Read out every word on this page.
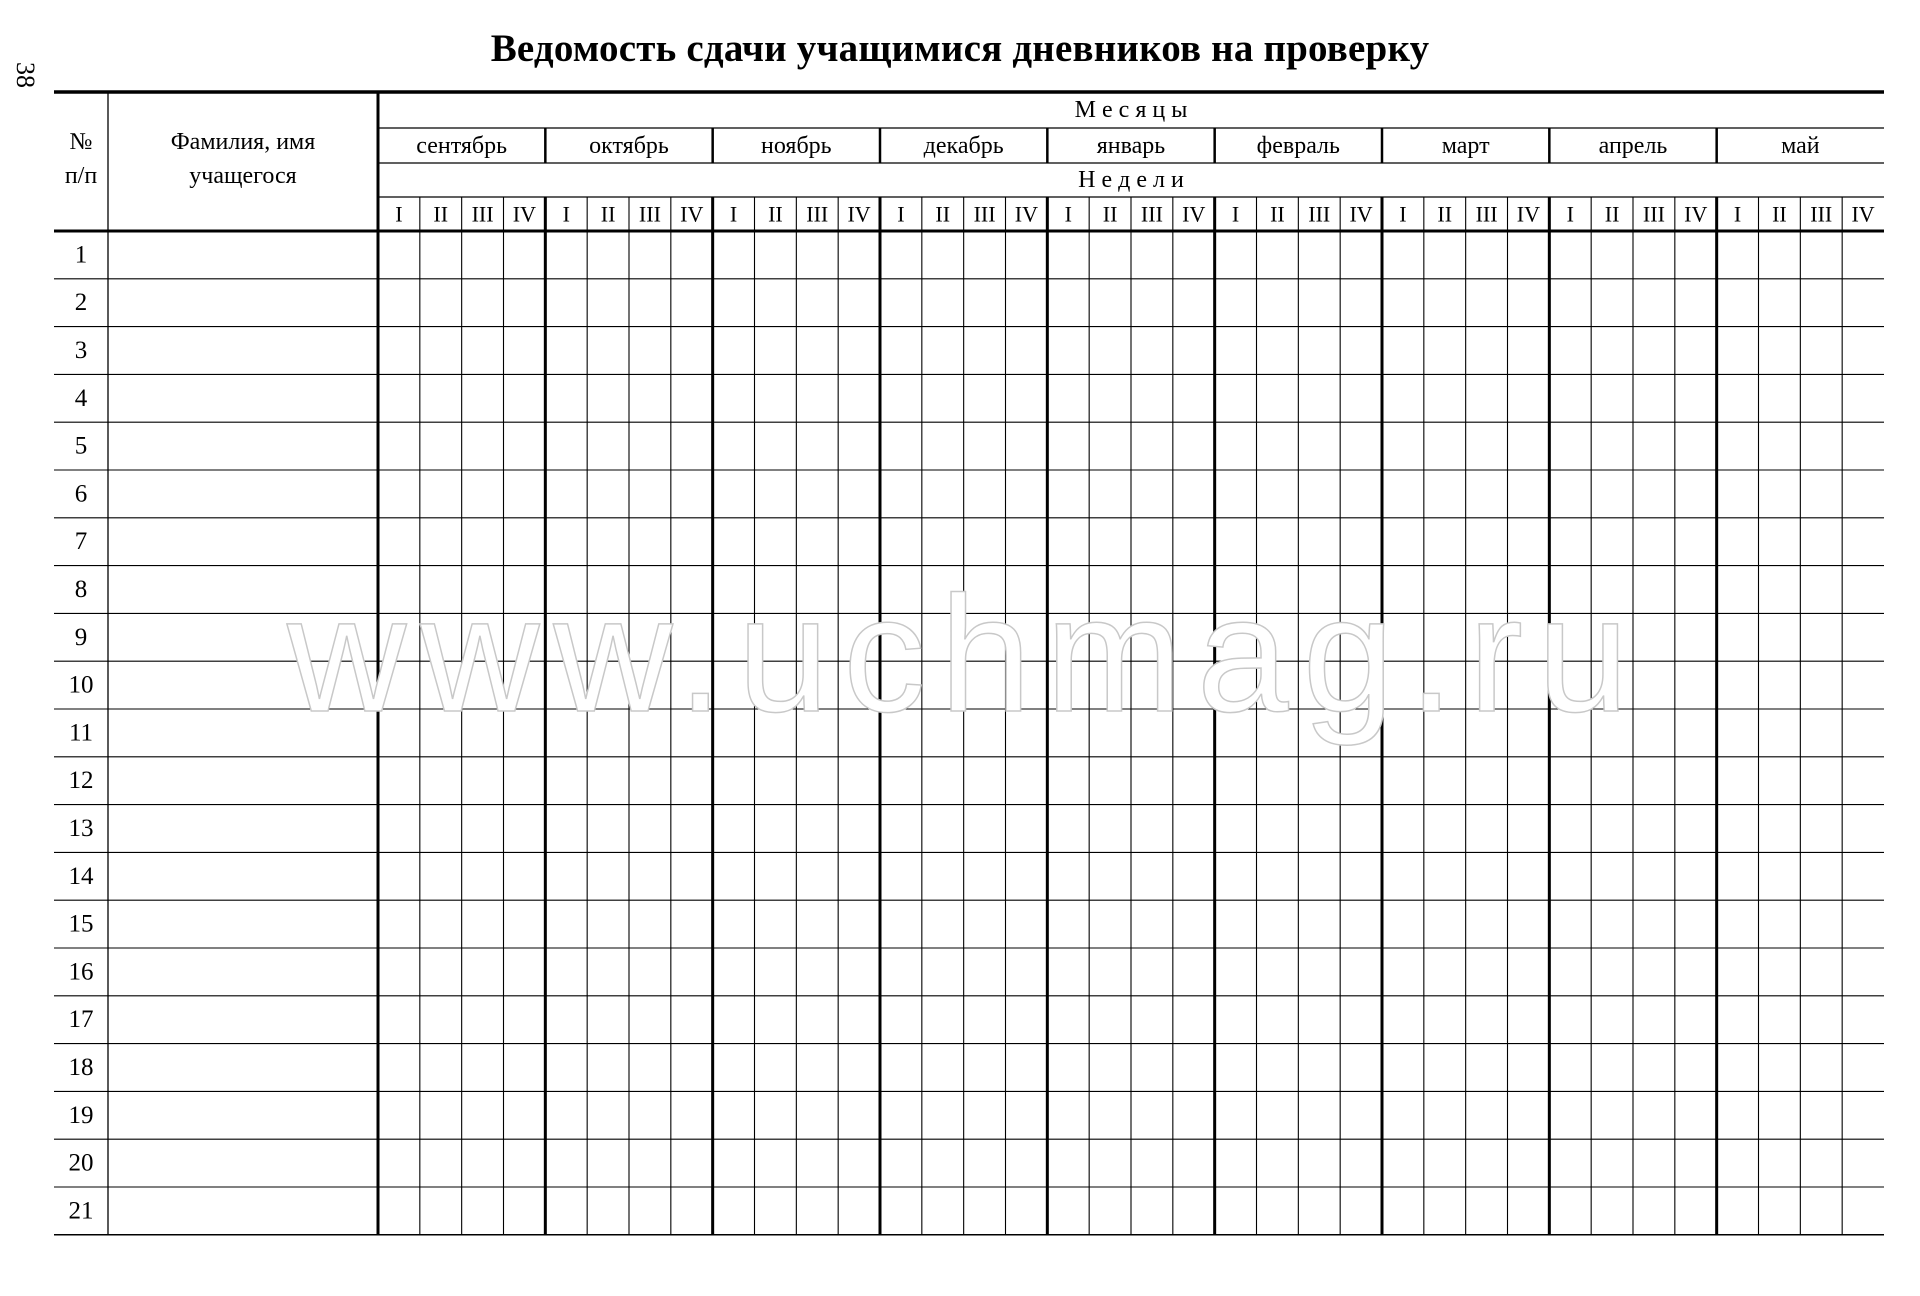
38
Ведомость сдачи учащимися дневников на проверку
№
п/п
Фамилия, имя
учащегося
М е с я ц ы
Н е д е л и
сентябрь	октябрь	ноябрь	декабрь	январь	февраль	март	апрель	май
I II III IV I II III IV I II III IV I II III IV I II III IV I II III IV I II III IV I II III IV I II III IV
1
2
3
4
5
6
7
8
9
10
11
12
13
14
15
16
17
18
19
20
21
www.uchmag.ru
